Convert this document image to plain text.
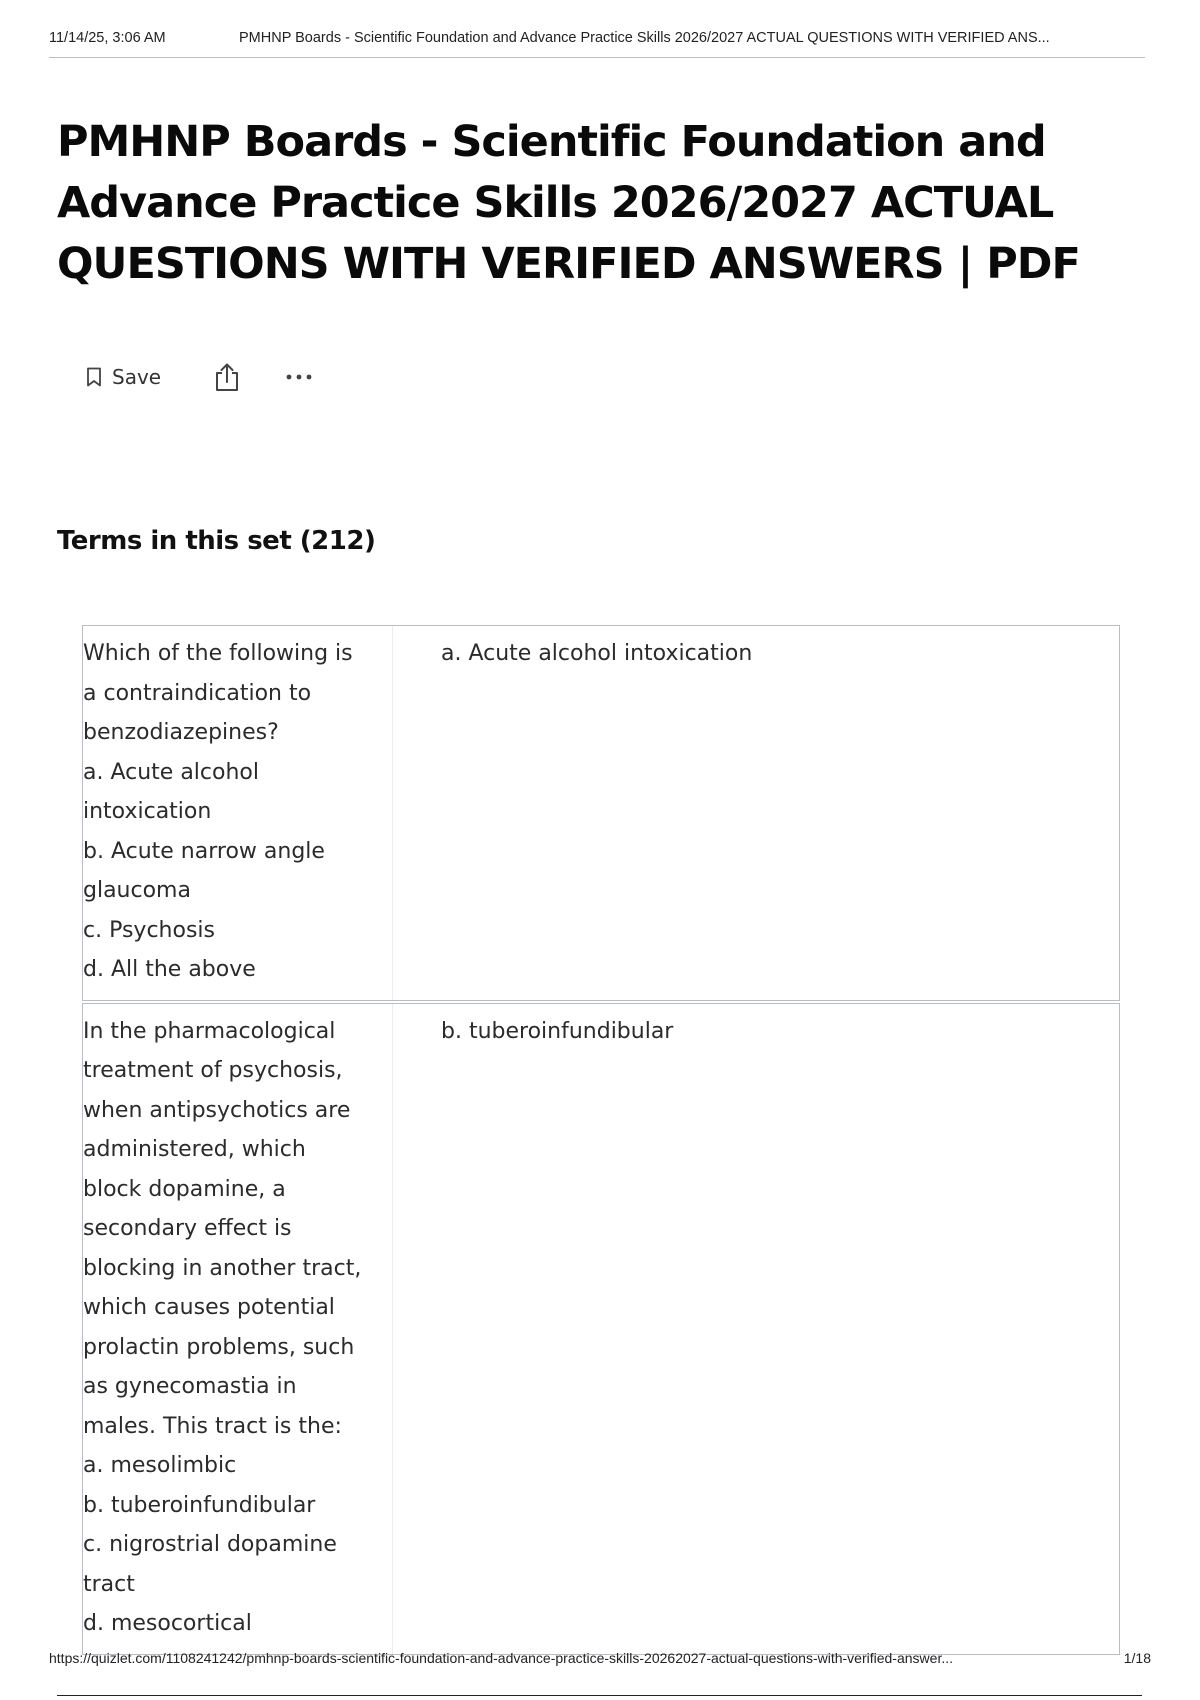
11/14/25, 3:06 AM	PMHNP Boards - Scientific Foundation and Advance Practice Skills 2026/2027 ACTUAL QUESTIONS WITH VERIFIED ANS...
PMHNP Boards - Scientific Foundation and Advance Practice Skills 2026/2027 ACTUAL QUESTIONS WITH VERIFIED ANSWERS | PDF
Save
Terms in this set (212)
Which of the following is
a contraindication to
benzodiazepines?
a. Acute alcohol
intoxication
b. Acute narrow angle
glaucoma
c. Psychosis
d. All the above
a. Acute alcohol intoxication
In the pharmacological
treatment of psychosis,
when antipsychotics are
administered, which
block dopamine, a
secondary effect is
blocking in another tract,
which causes potential
prolactin problems, such
as gynecomastia in
males. This tract is the:
a. mesolimbic
b. tuberoinfundibular
c. nigrostrial dopamine
tract
d. mesocortical
b. tuberoinfundibular
https://quizlet.com/1108241242/pmhnp-boards-scientific-foundation-and-advance-practice-skills-20262027-actual-questions-with-verified-answer...	1/18
